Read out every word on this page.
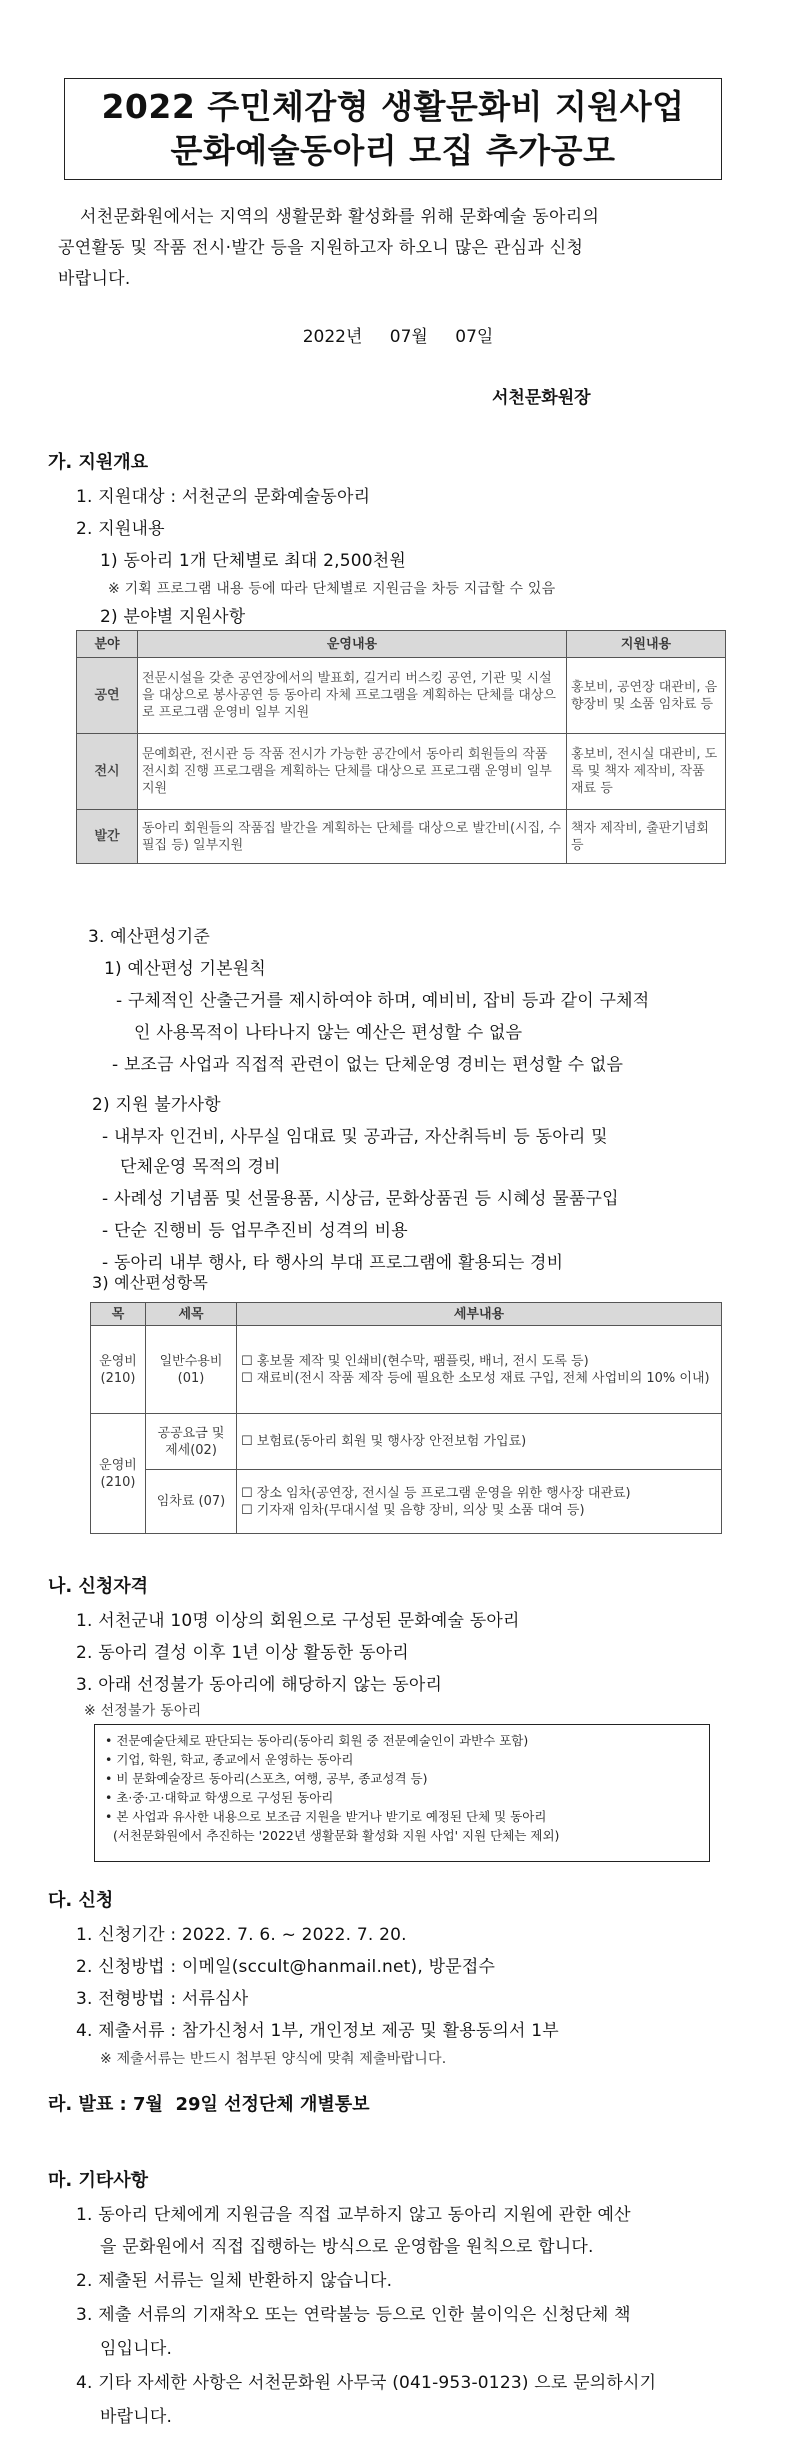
2022 주민체감형 생활문화비 지원사업
문화예술동아리 모집 추가공모
서천문화원에서는 지역의 생활문화 활성화를 위해 문화예술 동아리의
공연활동 및 작품 전시·발간 등을 지원하고자 하오니 많은 관심과 신청
바랍니다.
2022년 07월 07일
서천문화원장
가. 지원개요
1. 지원대상 : 서천군의 문화예술동아리
2. 지원내용
1) 동아리 1개 단체별로 최대 2,500천원
※ 기획 프로그램 내용 등에 따라 단체별로 지원금을 차등 지급할 수 있음
2) 분야별 지원사항
분야	운영내용	지원내용
공연	전문시설을 갖춘 공연장에서의 발표회, 길거리 버스킹 공연, 기관 및 시설을 대상으로 봉사공연 등 동아리 자체 프로그램을 계획하는 단체를 대상으로 프로그램 운영비 일부 지원	홍보비, 공연장 대관비, 음향장비 및 소품 임차료 등
전시	문예회관, 전시관 등 작품 전시가 가능한 공간에서 동아리 회원들의 작품 전시회 진행 프로그램을 계획하는 단체를 대상으로 프로그램 운영비 일부 지원	홍보비, 전시실 대관비, 도록 및 책자 제작비, 작품 재료 등
발간	동아리 회원들의 작품집 발간을 계획하는 단체를 대상으로 발간비(시집, 수필집 등) 일부지원	책자 제작비, 출판기념회 등
3. 예산편성기준
1) 예산편성 기본원칙
- 구체적인 산출근거를 제시하여야 하며, 예비비, 잡비 등과 같이 구체적
인 사용목적이 나타나지 않는 예산은 편성할 수 없음
- 보조금 사업과 직접적 관련이 없는 단체운영 경비는 편성할 수 없음
2) 지원 불가사항
- 내부자 인건비, 사무실 임대료 및 공과금, 자산취득비 등 동아리 및
단체운영 목적의 경비
- 사례성 기념품 및 선물용품, 시상금, 문화상품권 등 시혜성 물품구입
- 단순 진행비 등 업무추진비 성격의 비용
- 동아리 내부 행사, 타 행사의 부대 프로그램에 활용되는 경비
3) 예산편성항목
목	세목	세부내용
운영비 (210)	일반수용비 (01)	☐ 홍보물 제작 및 인쇄비(현수막, 팸플릿, 배너, 전시 도록 등)
☐ 재료비(전시 작품 제작 등에 필요한 소모성 재료 구입, 전체 사업비의 10% 이내)

운영비 (210)	공공요금 및 제세(02)	☐ 보험료(동아리 회원 및 행사장 안전보험 가입료)
	임차료 (07)	☐ 장소 임차(공연장, 전시실 등 프로그램 운영을 위한 행사장 대관료)
☐ 기자재 임차(무대시설 및 음향 장비, 의상 및 소품 대여 등)
나. 신청자격
1. 서천군내 10명 이상의 회원으로 구성된 문화예술 동아리
2. 동아리 결성 이후 1년 이상 활동한 동아리
3. 아래 선정불가 동아리에 해당하지 않는 동아리
※ 선정불가 동아리
• 전문예술단체로 판단되는 동아리(동아리 회원 중 전문예술인이 과반수 포함)
• 기업, 학원, 학교, 종교에서 운영하는 동아리
• 비 문화예술장르 동아리(스포츠, 여행, 공부, 종교성격 등)
• 초·중·고·대학교 학생으로 구성된 동아리
• 본 사업과 유사한 내용으로 보조금 지원을 받거나 받기로 예정된 단체 및 동아리
(서천문화원에서 추진하는 '2022년 생활문화 활성화 지원 사업' 지원 단체는 제외)
다. 신청
1. 신청기간 : 2022. 7. 6. ~ 2022. 7. 20.
2. 신청방법 : 이메일(sccult@hanmail.net), 방문접수
3. 전형방법 : 서류심사
4. 제출서류 : 참가신청서 1부, 개인정보 제공 및 활용동의서 1부
※ 제출서류는 반드시 첨부된 양식에 맞춰 제출바랍니다.
라. 발표 : 7월  29일 선정단체 개별통보
마. 기타사항
1. 동아리 단체에게 지원금을 직접 교부하지 않고 동아리 지원에 관한 예산
을 문화원에서 직접 집행하는 방식으로 운영함을 원칙으로 합니다.
2. 제출된 서류는 일체 반환하지 않습니다.
3. 제출 서류의 기재착오 또는 연락불능 등으로 인한 불이익은 신청단체 책
임입니다.
4. 기타 자세한 사항은 서천문화원 사무국 (041-953-0123) 으로 문의하시기
바랍니다.
